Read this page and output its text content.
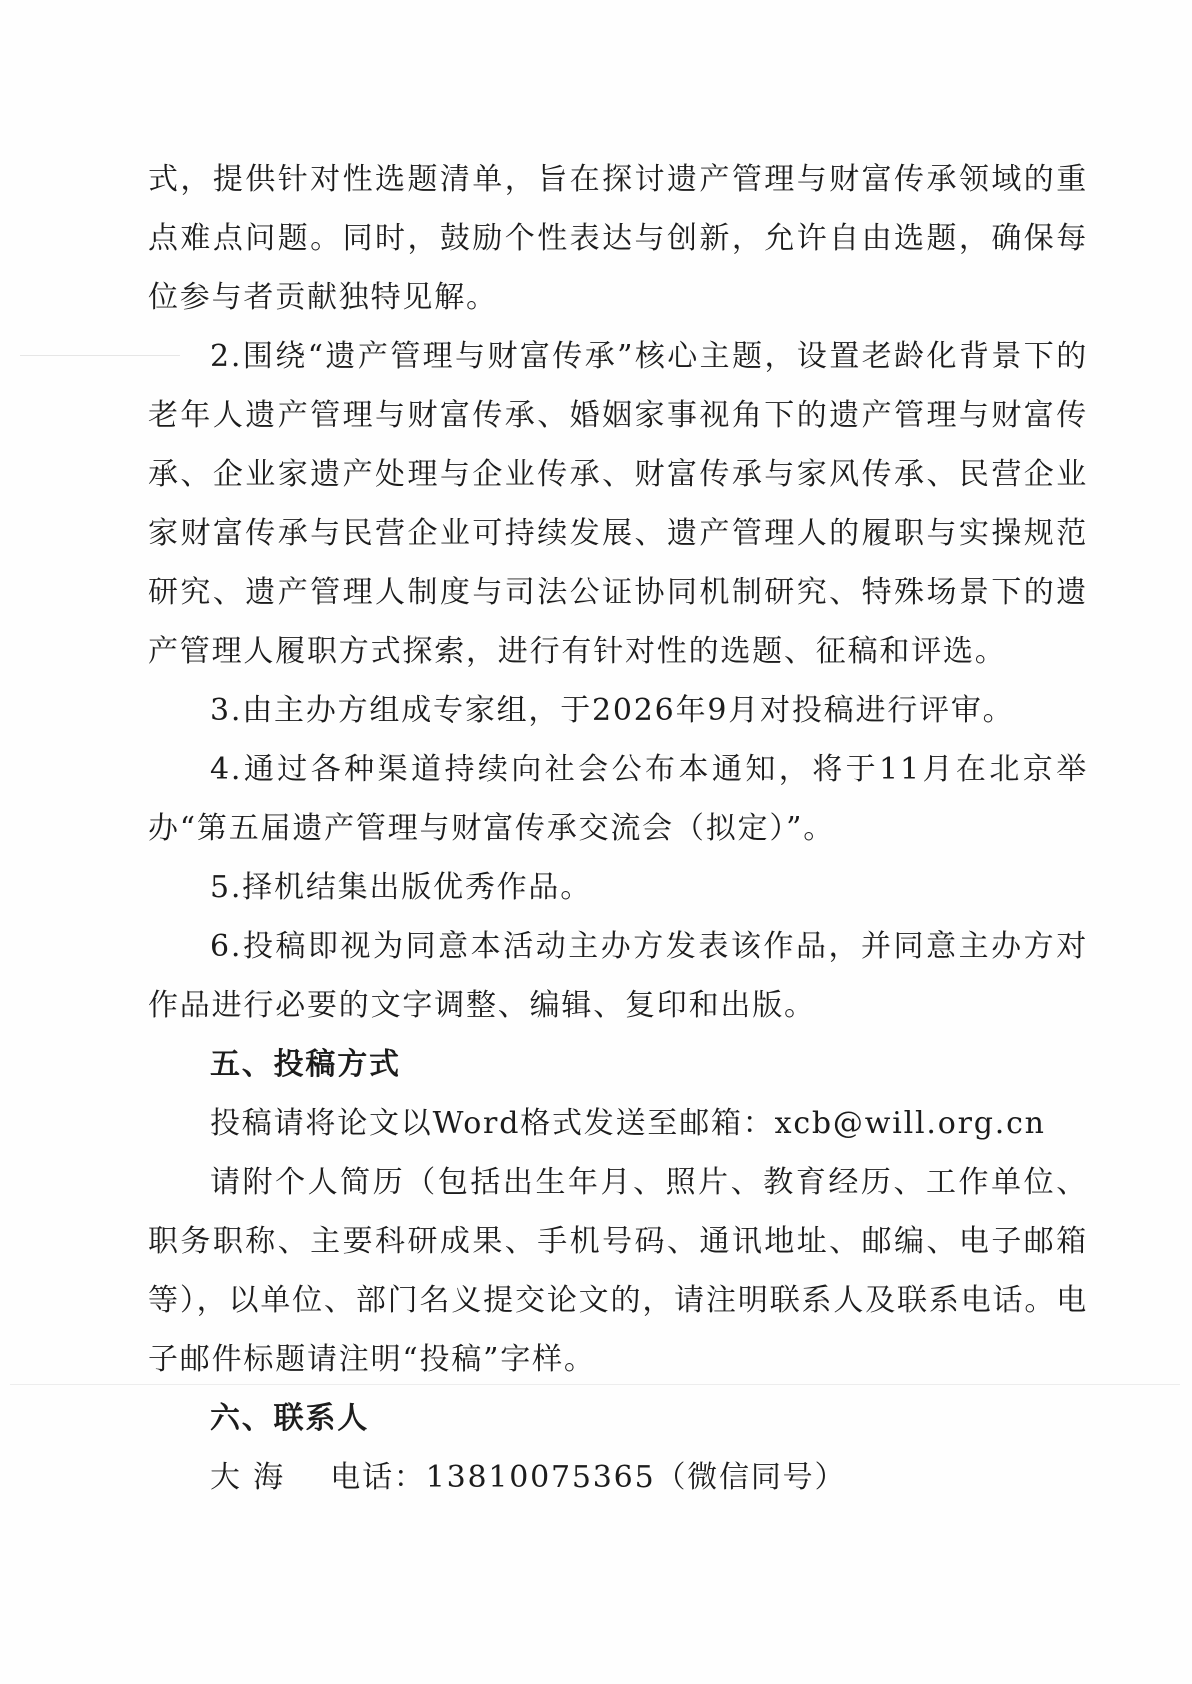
式，提供针对性选题清单，旨在探讨遗产管理与财富传承领域的重点难点问题。同时，鼓励个性表达与创新，允许自由选题，确保每位参与者贡献独特见解。

2.围绕“遗产管理与财富传承”核心主题，设置老龄化背景下的老年人遗产管理与财富传承、婚姻家事视角下的遗产管理与财富传承、企业家遗产处理与企业传承、财富传承与家风传承、民营企业家财富传承与民营企业可持续发展、遗产管理人的履职与实操规范研究、遗产管理人制度与司法公证协同机制研究、特殊场景下的遗产管理人履职方式探索，进行有针对性的选题、征稿和评选。

3.由主办方组成专家组，于2026年9月对投稿进行评审。

4.通过各种渠道持续向社会公布本通知，将于11月在北京举办“第五届遗产管理与财富传承交流会（拟定）”。

5.择机结集出版优秀作品。

6.投稿即视为同意本活动主办方发表该作品，并同意主办方对作品进行必要的文字调整、编辑、复印和出版。

五、投稿方式

投稿请将论文以Word格式发送至邮箱：xcb@will.org.cn

请附个人简历（包括出生年月、照片、教育经历、工作单位、职务职称、主要科研成果、手机号码、通讯地址、邮编、电子邮箱等），以单位、部门名义提交论文的，请注明联系人及联系电话。电子邮件标题请注明“投稿”字样。

六、联系人

大 海 电话：13810075365（微信同号）
